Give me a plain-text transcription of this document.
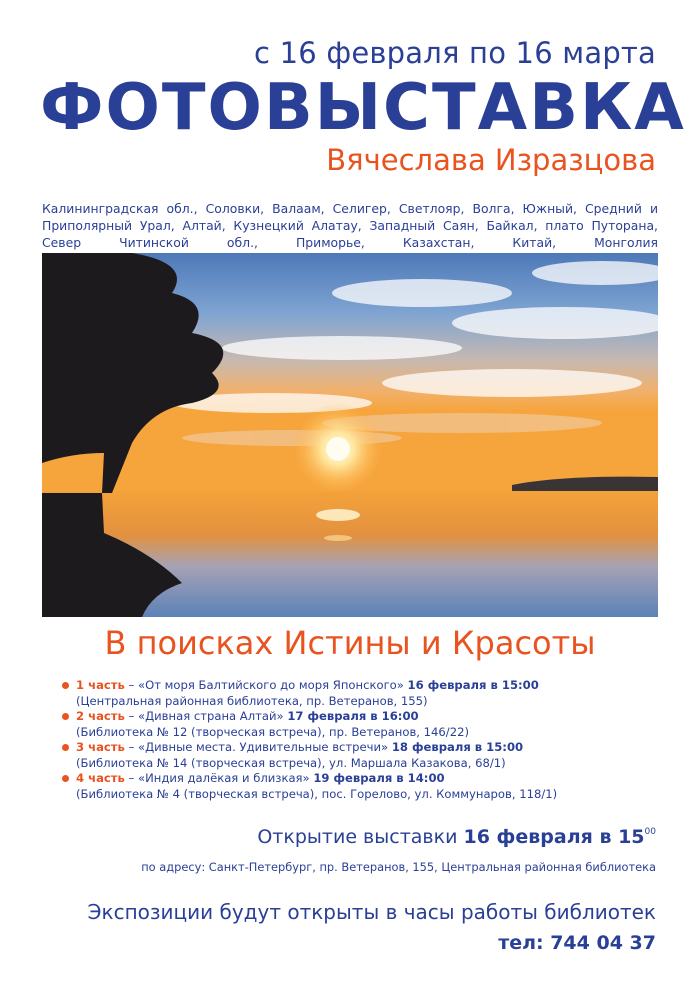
с 16 февраля по 16 марта
ФОТОВЫСТАВКА
Вячеслава Изразцова
Калининградская обл., Соловки, Валаам, Селигер, Светлояр, Волга, Южный, Средний и Приполярный Урал, Алтай, Кузнецкий Алатау, Западный Саян, Байкал, плато Путорана, Север Читинской обл., Приморье, Казахстан, Китай, Монголия
В поисках Истины и Красоты
1 часть – «От моря Балтийского до моря Японского» 16 февраля в 15:00
(Центральная районная библиотека, пр. Ветеранов, 155)
2 часть – «Дивная страна Алтай» 17 февраля в 16:00
(Библиотека № 12 (творческая встреча), пр. Ветеранов, 146/22)
3 часть – «Дивные места. Удивительные встречи» 18 февраля в 15:00
(Библиотека № 14 (творческая встреча), ул. Маршала Казакова, 68/1)
4 часть – «Индия далёкая и близкая» 19 февраля в 14:00
(Библиотека № 4 (творческая встреча), пос. Горелово, ул. Коммунаров, 118/1)
Открытие выставки 16 февраля в $15^{00}$
по адресу: Санкт-Петербург, пр. Ветеранов, 155, Центральная районная библиотека
Экспозиции будут открыты в часы работы библиотек
тел: 744 04 37
